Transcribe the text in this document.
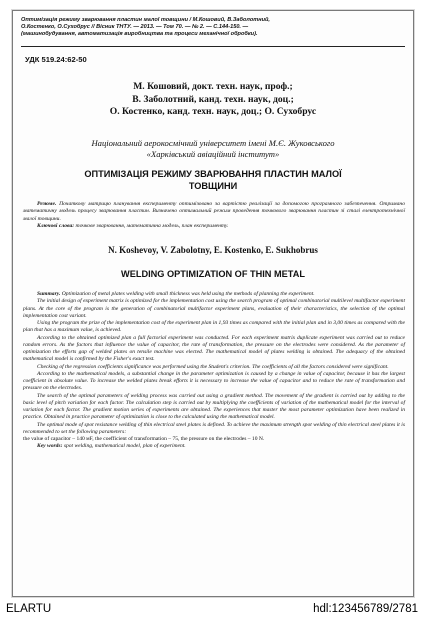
Оптимізація режиму зварювання пластин малої товщини / М.Кошовий, В.Заболотний,
О.Костенко, О.Сухобрус // Вісник ТНТУ. — 2013. — Том 70. — № 2. — С.144-150. —
(машинобудування, автоматизація виробництва та процеси механічної обробки).
УДК 519.24:62-50
М. Кошовий, докт. техн. наук, проф.;
В. Заболотний, канд. техн. наук, доц.;
О. Костенко, канд. техн. наук, доц.; О. Сухобрус
Національний аерокосмічний університет імені М.Є. Жуковського
«Харківський авіаційний інститут»
ОПТИМІЗАЦІЯ РЕЖИМУ ЗВАРЮВАННЯ ПЛАСТИН МАЛОЇ
ТОВЩИНИ

Резюме. Початкову матрицю планування експерименту оптимізовано за вартістю реалізації за допомогою програмного забезпечення. Отримано математичну модель процесу зварювання пластин. Визначено оптимальний режим проведення точкового зварювання пластин зі сталі електротехнічної малої товщини.

Ключові слова: точкове зварювання, математична модель, план експерименту.

N. Koshevoy, V. Zabolotny, E. Kostenko, E. Sukhobrus
WELDING OPTIMIZATION OF THIN METAL

Summary. Optimization of metal plates welding with small thickness was held using the methods of planning the experiment.

The initial design of experiment matrix is optimized for the implementation cost using the search program of optimal combinatorial multilevel multifactor experiment plans. At the core of the program is the generation of combinatorial multifactor experiment plans, evaluation of their characteristics, the selection of the optimal implementation cost variant.

Using the program the prize of the implementation cost of the experiment plan in 1,93 times as compared with the initial plan and in 3,00 times as compared with the plan that has a maximum value, is achieved.

According to the obtained optimized plan a full factorial experiment was conducted. For each experiment matrix duplicate experiment was carried out to reduce random errors. As the factors that influence the value of capacitor, the rate of transformation, the pressure on the electrodes were considered. As the parameter of optimization the efforts gap of welded plates on tensile machine was elected. The mathematical model of plates welding is obtained. The adequacy of the obtained mathematical model is confirmed by the Fisher's exact test.

Checking of the regression coefficients significance was performed using the Student's criterion. The coefficients of all the factors considered were significant.

According to the mathematical models, a substantial change in the parameter optimization is caused by a change in value of capacitor, because it has the largest coefficient in absolute value. To increase the welded plates break efforts it is necessary to increase the value of capacitor and to reduce the rate of transformation and pressure on the electrodes.

The search of the optimal parameters of welding process was carried out using a gradient method. The movement of the gradient is carried out by adding to the basic level of pitch variation for each factor. The calculation step is carried out by multiplying the coefficients of variation of the mathematical model for the interval of variation for each factor. The gradient motion series of experiments are obtained. The experiences that master the most parameter optimization have been realized in practice. Obtained in practice parameter of optimization is close to the calculated using the mathematical model.

The optimal mode of spot resistance welding of thin electrical steel plates is defined. To achieve the maximum strength spot welding of thin electrical steel plates it is recommended to set the following parameters:

the value of capacitor – 140 мF, the coefficient of transformation – 75, the pressure on the electrodes – 10 N.

Key words: spot welding, mathematical model, plan of experiment.

ELARTU	hdl:123456789/2781
